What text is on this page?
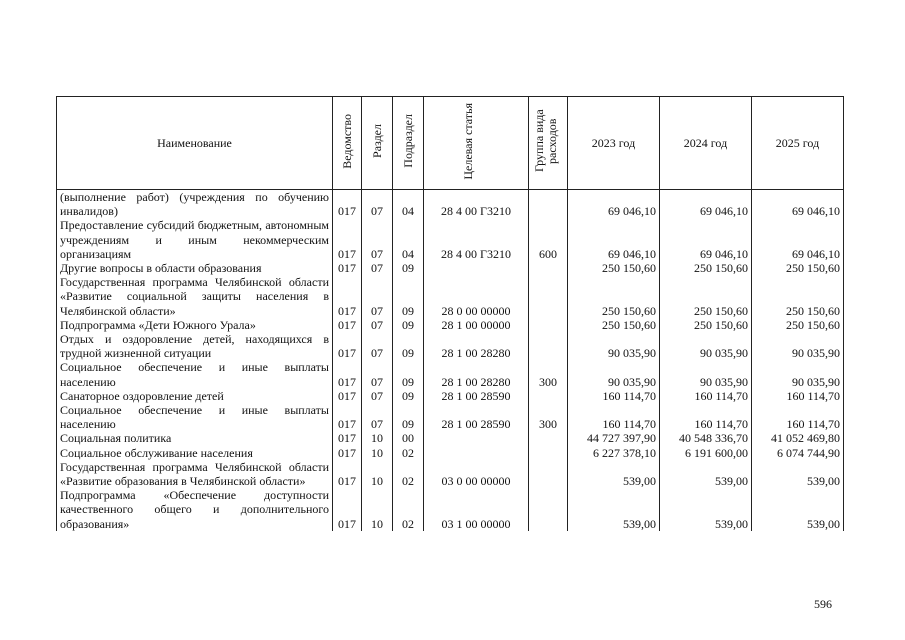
Наименование	Ведомство	Раздел	Подраздел	Целевая статья	Группа вида расходов	2023 год	2024 год	2025 год
(выполнение работ) (учреждения по обучению инвалидов)	017	07	04	28 4 00 Г3210		69 046,10	69 046,10	69 046,10
Предоставление субсидий бюджетным, автономным учреждениям и иным некоммерческим организациям	017	07	04	28 4 00 Г3210	600	69 046,10	69 046,10	69 046,10
Другие вопросы в области образования	017	07	09			250 150,60	250 150,60	250 150,60
Государственная программа Челябинской области «Развитие социальной защиты населения в Челябинской области»	017	07	09	28 0 00 00000		250 150,60	250 150,60	250 150,60
Подпрограмма «Дети Южного Урала»	017	07	09	28 1 00 00000		250 150,60	250 150,60	250 150,60
Отдых и оздоровление детей, находящихся в трудной жизненной ситуации	017	07	09	28 1 00 28280		90 035,90	90 035,90	90 035,90
Социальное обеспечение и иные выплаты населению	017	07	09	28 1 00 28280	300	90 035,90	90 035,90	90 035,90
Санаторное оздоровление детей	017	07	09	28 1 00 28590		160 114,70	160 114,70	160 114,70
Социальное обеспечение и иные выплаты населению	017	07	09	28 1 00 28590	300	160 114,70	160 114,70	160 114,70
Социальная политика	017	10	00			44 727 397,90	40 548 336,70	41 052 469,80
Социальное обслуживание населения	017	10	02			6 227 378,10	6 191 600,00	6 074 744,90
Государственная программа Челябинской области «Развитие образования в Челябинской области»	017	10	02	03 0 00 00000		539,00	539,00	539,00
Подпрограмма «Обеспечение доступности качественного общего и дополнительного образования»	017	10	02	03 1 00 00000		539,00	539,00	539,00
596
